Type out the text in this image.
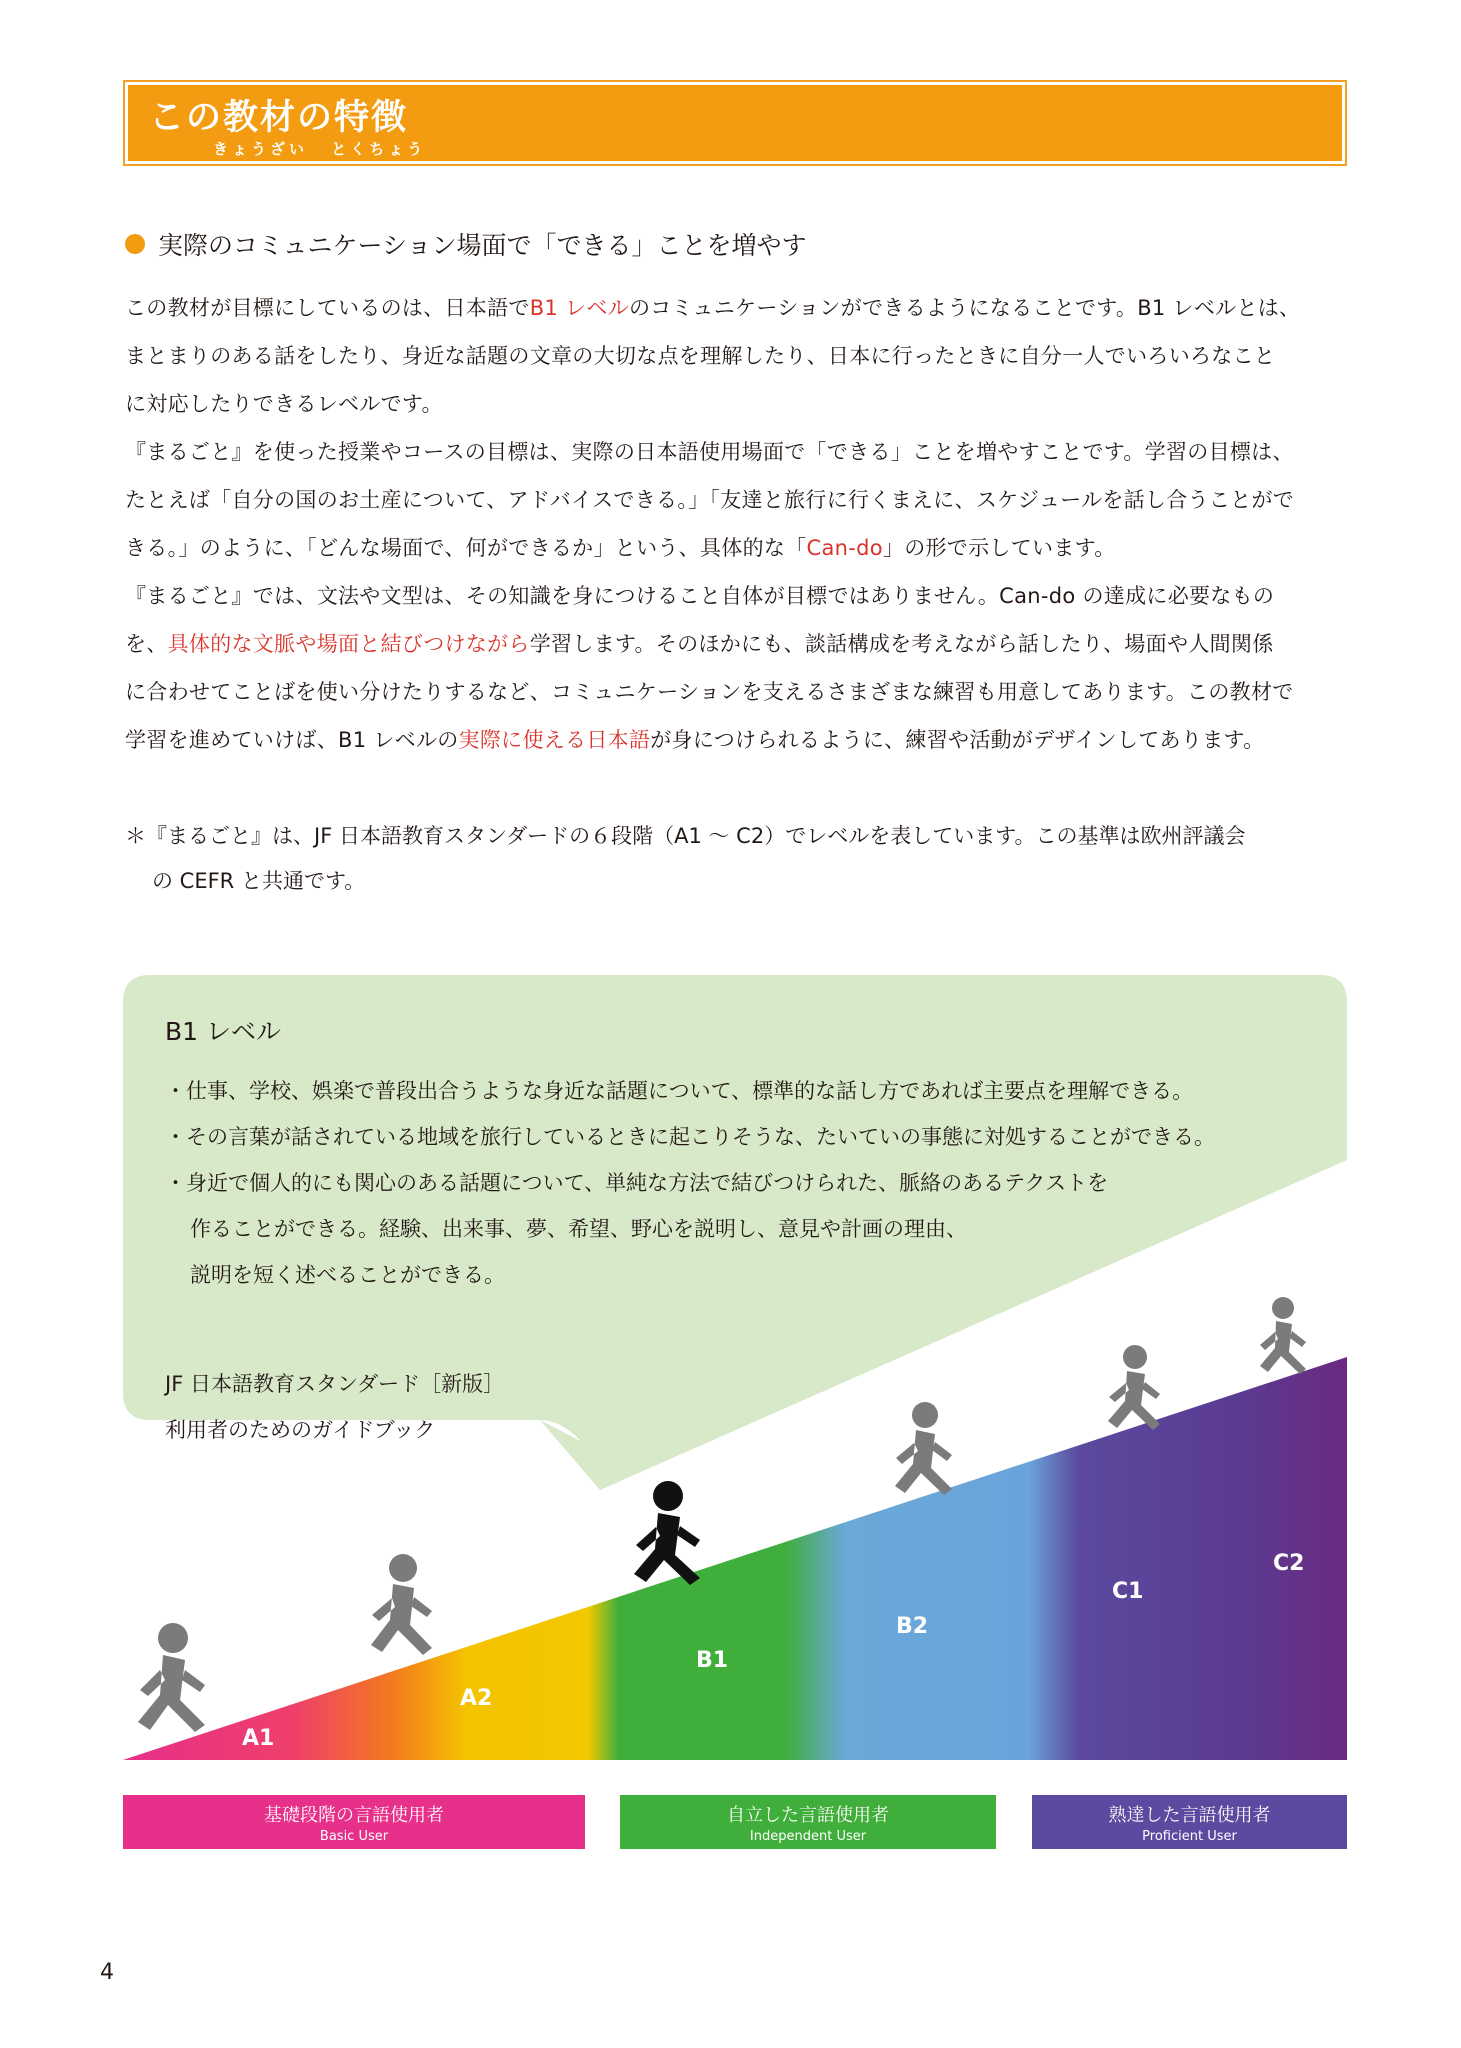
この教材の特徴
きょうざい とくちょう
実際のコミュニケーション場面で「できる」ことを増やす
この教材が目標にしているのは、日本語でB1 レベルのコミュニケーションができるようになることです。B1 レベルとは、
まとまりのある話をしたり、身近な話題の文章の大切な点を理解したり、日本に行ったときに自分一人でいろいろなこと
に対応したりできるレベルです。
『まるごと』を使った授業やコースの目標は、実際の日本語使用場面で「できる」ことを増やすことです。学習の目標は、
たとえば「自分の国のお土産について、アドバイスできる。」「友達と旅行に行くまえに、スケジュールを話し合うことがで
きる。」のように、「どんな場面で、何ができるか」という、具体的な「Can-do」の形で示しています。
『まるごと』では、文法や文型は、その知識を身につけること自体が目標ではありません。Can-do の達成に必要なもの
を、具体的な文脈や場面と結びつけながら学習します。そのほかにも、談話構成を考えながら話したり、場面や人間関係
に合わせてことばを使い分けたりするなど、コミュニケーションを支えるさまざまな練習も用意してあります。この教材で
学習を進めていけば、B1 レベルの実際に使える日本語が身につけられるように、練習や活動がデザインしてあります。
＊『まるごと』は、JF 日本語教育スタンダードの６段階（A1 ～ C2）でレベルを表しています。この基準は欧州評議会
の CEFR と共通です。
A1
A2
B1
B2
C1
C2
B1 レベル
・仕事、学校、娯楽で普段出合うような身近な話題について、標準的な話し方であれば主要点を理解できる。
・その言葉が話されている地域を旅行しているときに起こりそうな、たいていの事態に対処することができる。
・身近で個人的にも関心のある話題について、単純な方法で結びつけられた、脈絡のあるテクストを
作ることができる。経験、出来事、夢、希望、野心を説明し、意見や計画の理由、
説明を短く述べることができる。
JF 日本語教育スタンダード［新版］
利用者のためのガイドブック
基礎段階の言語使用者
Basic User
自立した言語使用者
Independent User
熟達した言語使用者
Proficient User
4
